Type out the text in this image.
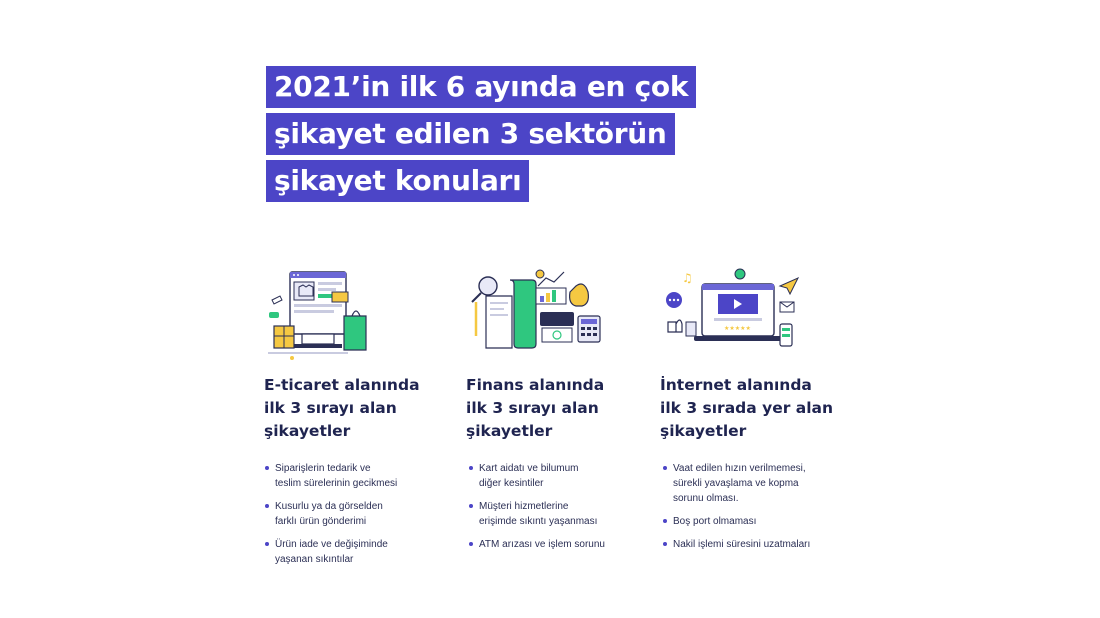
2021’in ilk 6 ayında en çok
şikayet edilen 3 sektörün
şikayet konuları
E-ticaret alanında
ilk 3 sırayı alan
şikayetler
Siparişlerin tedarik ve
teslim sürelerinin gecikmesi
Kusurlu ya da görselden
farklı ürün gönderimi
Ürün iade ve değişiminde
yaşanan sıkıntılar
Finans alanında
ilk 3 sırayı alan
şikayetler
Kart aidatı ve bilumum
diğer kesintiler
Müşteri hizmetlerine
erişimde sıkıntı yaşanması
ATM arızası ve işlem sorunu
★★★★★
♫
İnternet alanında
ilk 3 sırada yer alan
şikayetler
Vaat edilen hızın verilmemesi,
sürekli yavaşlama ve kopma
sorunu olması.
Boş port olmaması
Nakil işlemi süresini uzatmaları
